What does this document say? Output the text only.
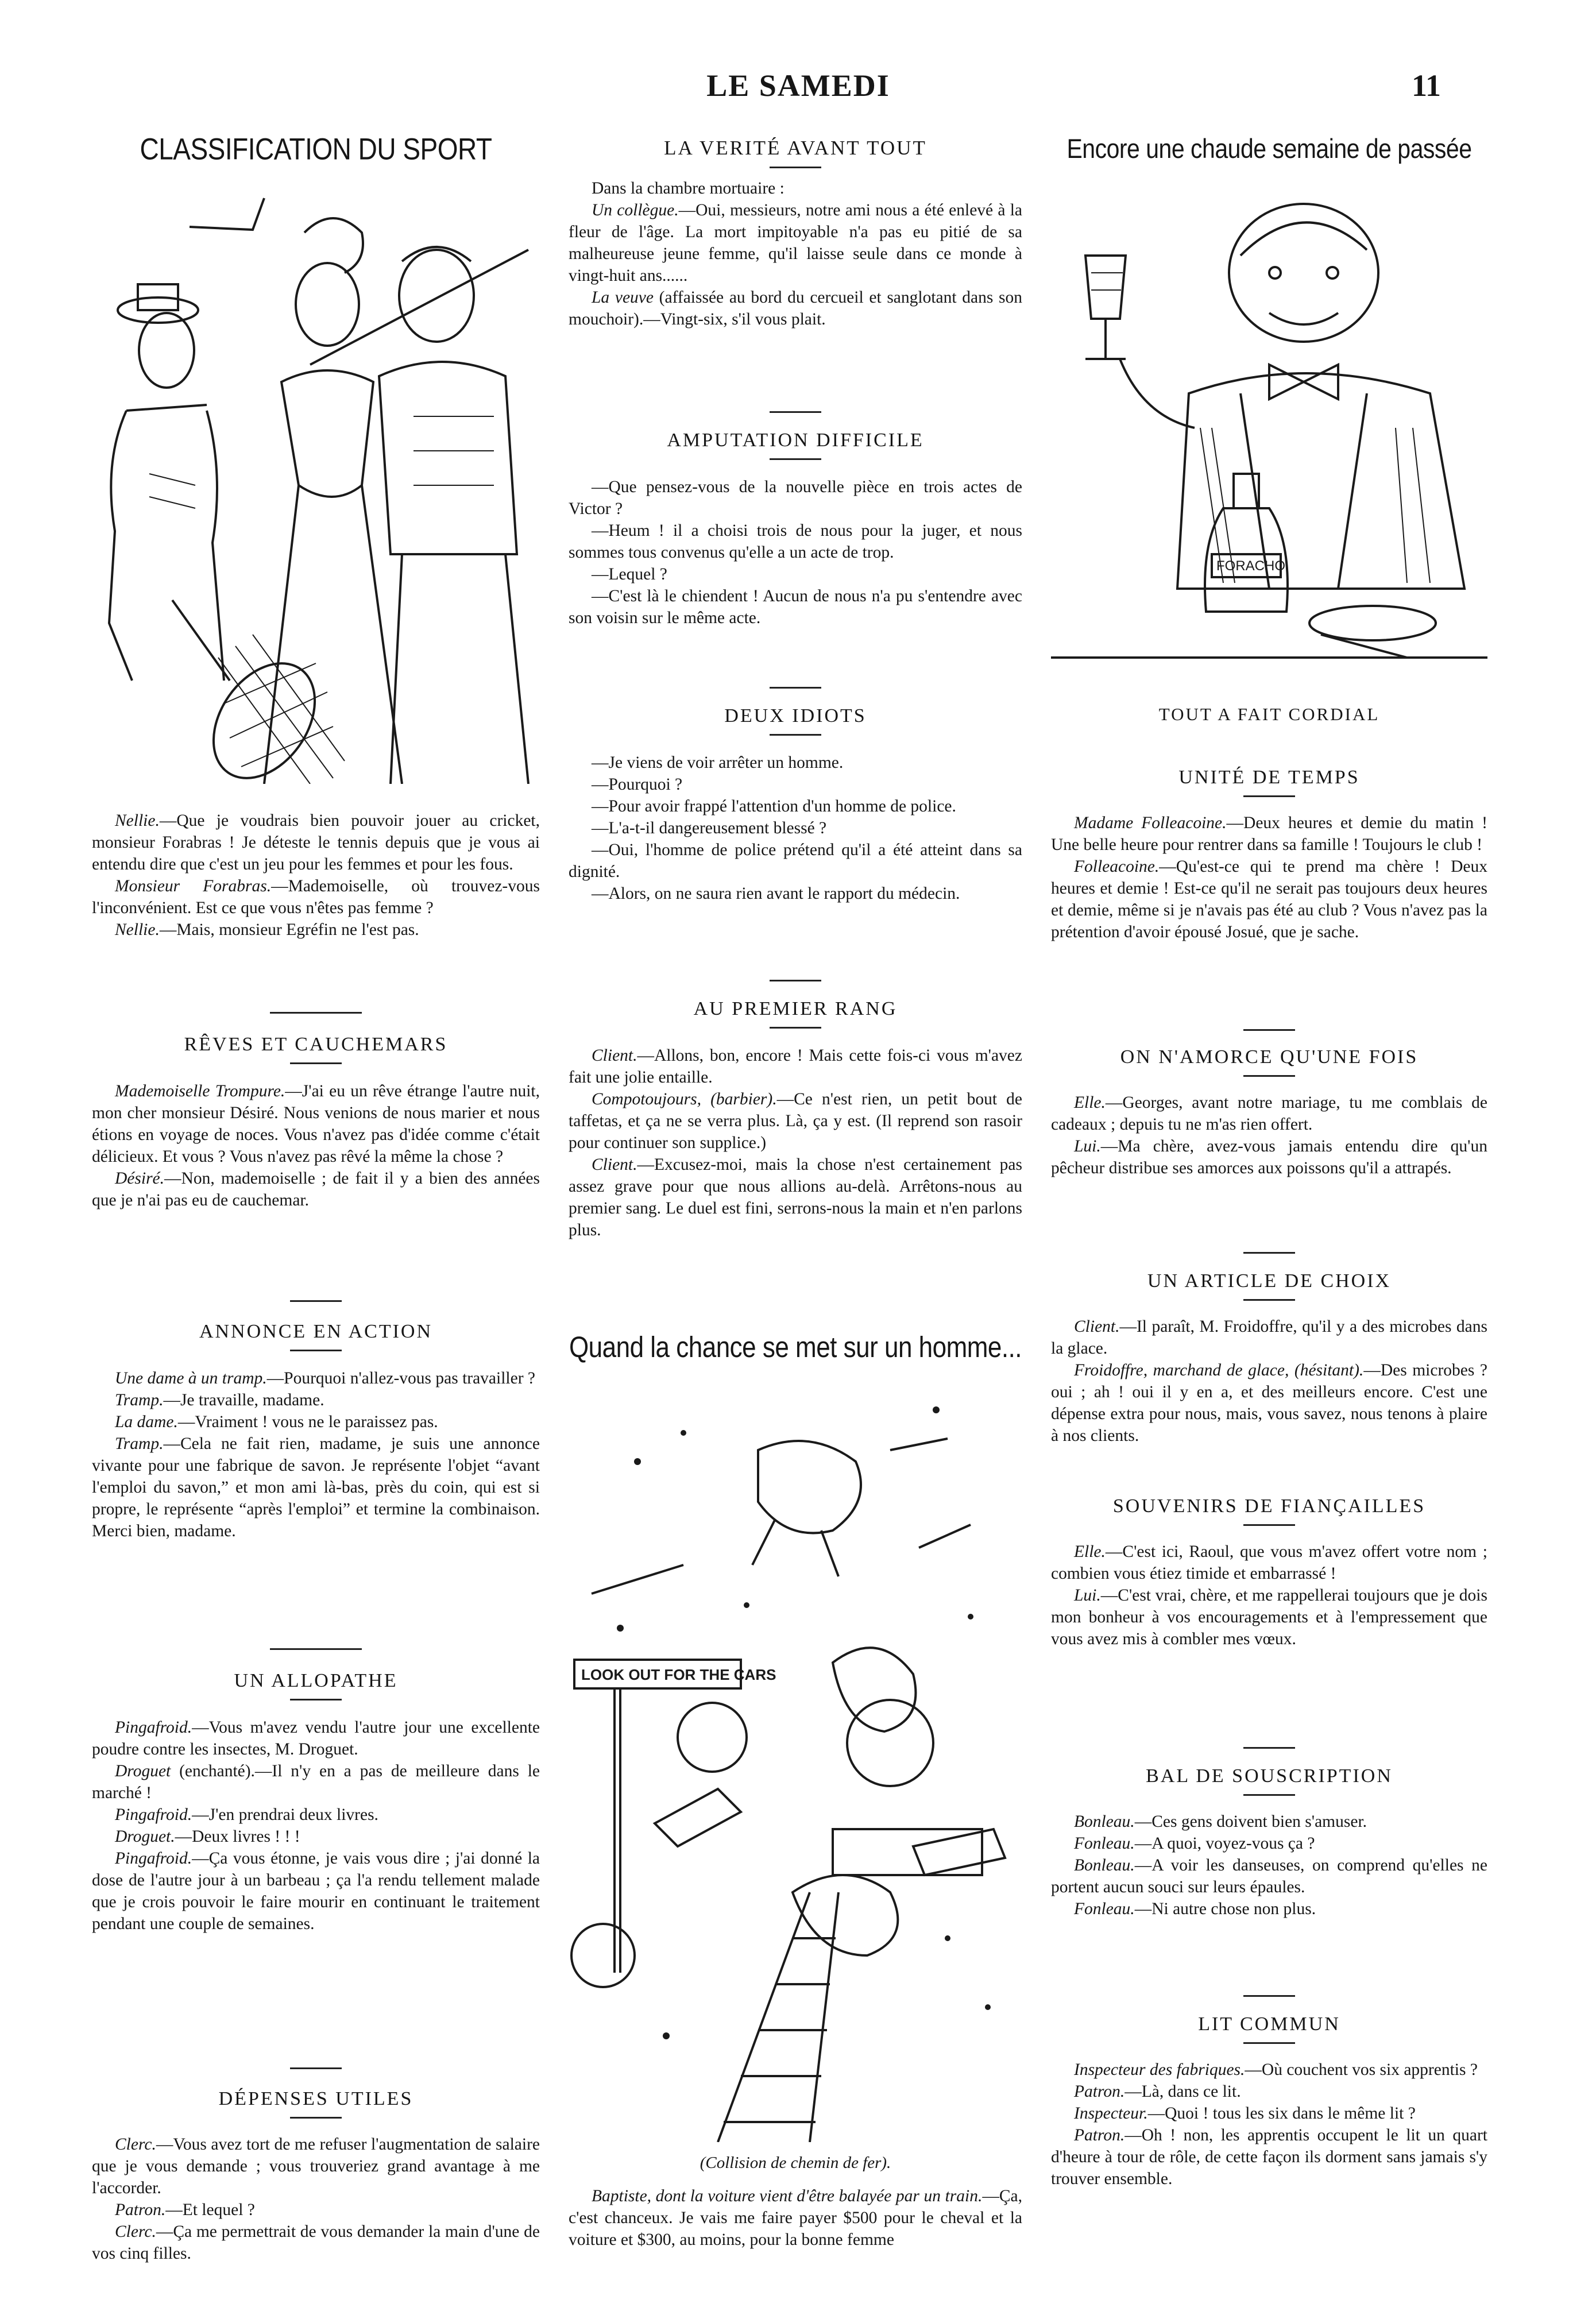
LE SAMEDI	11
CLASSIFICATION DU SPORT

Nellie.—Que je voudrais bien pouvoir jouer au cricket, monsieur Forabras ! Je déteste le tennis depuis que je vous ai entendu dire que c'est un jeu pour les femmes et pour les fous.

Monsieur Forabras.—Mademoiselle, où trouvez-vous l'inconvénient. Est ce que vous n'êtes pas femme ?

Nellie.—Mais, monsieur Egréfin ne l'est pas.

RÊVES ET CAUCHEMARS

Mademoiselle Trompure.—J'ai eu un rêve étrange l'autre nuit, mon cher monsieur Désiré. Nous venions de nous marier et nous étions en voyage de noces. Vous n'avez pas d'idée comme c'était délicieux. Et vous ? Vous n'avez pas rêvé la même la chose ?

Désiré.—Non, mademoiselle ; de fait il y a bien des années que je n'ai pas eu de cauchemar.

ANNONCE EN ACTION

Une dame à un tramp.—Pourquoi n'allez-vous pas travailler ?

Tramp.—Je travaille, madame.

La dame.—Vraiment ! vous ne le paraissez pas.

Tramp.—Cela ne fait rien, madame, je suis une annonce vivante pour une fabrique de savon. Je représente l'objet “avant l'emploi du savon,” et mon ami là-bas, près du coin, qui est si propre, le représente “après l'emploi” et termine la combinaison. Merci bien, madame.

UN ALLOPATHE

Pingafroid.—Vous m'avez vendu l'autre jour une excellente poudre contre les insectes, M. Droguet.

Droguet (enchanté).—Il n'y en a pas de meilleure dans le marché !

Pingafroid.—J'en prendrai deux livres.

Droguet.—Deux livres ! ! !

Pingafroid.—Ça vous étonne, je vais vous dire ; j'ai donné la dose de l'autre jour à un barbeau ; ça l'a rendu tellement malade que je crois pouvoir le faire mourir en continuant le traitement pendant une couple de semaines.

DÉPENSES UTILES

Clerc.—Vous avez tort de me refuser l'augmentation de salaire que je vous demande ; vous trouveriez grand avantage à me l'accorder.

Patron.—Et lequel ?

Clerc.—Ça me permettrait de vous demander la main d'une de vos cinq filles.

LA VERITÉ AVANT TOUT

Dans la chambre mortuaire :

Un collègue.—Oui, messieurs, notre ami nous a été enlevé à la fleur de l'âge. La mort impitoyable n'a pas eu pitié de sa malheureuse jeune femme, qu'il laisse seule dans ce monde à vingt-huit ans......

La veuve (affaissée au bord du cercueil et sanglotant dans son mouchoir).—Vingt-six, s'il vous plait.

AMPUTATION DIFFICILE

—Que pensez-vous de la nouvelle pièce en trois actes de Victor ?

—Heum ! il a choisi trois de nous pour la juger, et nous sommes tous convenus qu'elle a un acte de trop.

—Lequel ?

—C'est là le chiendent ! Aucun de nous n'a pu s'entendre avec son voisin sur le même acte.

DEUX IDIOTS

—Je viens de voir arrêter un homme.

—Pourquoi ?

—Pour avoir frappé l'attention d'un homme de police.

—L'a-t-il dangereusement blessé ?

—Oui, l'homme de police prétend qu'il a été atteint dans sa dignité.

—Alors, on ne saura rien avant le rapport du médecin.

AU PREMIER RANG

Client.—Allons, bon, encore ! Mais cette fois-ci vous m'avez fait une jolie entaille.

Compotoujours, (barbier).—Ce n'est rien, un petit bout de taffetas, et ça ne se verra plus. Là, ça y est. (Il reprend son rasoir pour continuer son supplice.)

Client.—Excusez-moi, mais la chose n'est certainement pas assez grave pour que nous allions au-delà. Arrêtons-nous au premier sang. Le duel est fini, serrons-nous la main et n'en parlons plus.

Quand la chance se met sur un homme...
LOOK OUT FOR THE CARS
(Collision de chemin de fer).

Baptiste, dont la voiture vient d'être balayée par un train.—Ça, c'est chanceux. Je vais me faire payer $500 pour le cheval et la voiture et $300, au moins, pour la bonne femme

Encore une chaude semaine de passée
FORACHO
TOUT A FAIT CORDIAL
UNITÉ DE TEMPS

Madame Folleacoine.—Deux heures et demie du matin ! Une belle heure pour rentrer dans sa famille ! Toujours le club !

Folleacoine.—Qu'est-ce qui te prend ma chère ! Deux heures et demie ! Est-ce qu'il ne serait pas toujours deux heures et demie, même si je n'avais pas été au club ? Vous n'avez pas la prétention d'avoir épousé Josué, que je sache.

ON N'AMORCE QU'UNE FOIS

Elle.—Georges, avant notre mariage, tu me comblais de cadeaux ; depuis tu ne m'as rien offert.

Lui.—Ma chère, avez-vous jamais entendu dire qu'un pêcheur distribue ses amorces aux poissons qu'il a attrapés.

UN ARTICLE DE CHOIX

Client.—Il paraît, M. Froidoffre, qu'il y a des microbes dans la glace.

Froidoffre, marchand de glace, (hésitant).—Des microbes ? oui ; ah ! oui il y en a, et des meilleurs encore. C'est une dépense extra pour nous, mais, vous savez, nous tenons à plaire à nos clients.

SOUVENIRS DE FIANÇAILLES

Elle.—C'est ici, Raoul, que vous m'avez offert votre nom ; combien vous étiez timide et embarrassé !

Lui.—C'est vrai, chère, et me rappellerai toujours que je dois mon bonheur à vos encouragements et à l'empressement que vous avez mis à combler mes vœux.

BAL DE SOUSCRIPTION

Bonleau.—Ces gens doivent bien s'amuser.

Fonleau.—A quoi, voyez-vous ça ?

Bonleau.—A voir les danseuses, on comprend qu'elles ne portent aucun souci sur leurs épaules.

Fonleau.—Ni autre chose non plus.

LIT COMMUN

Inspecteur des fabriques.—Où couchent vos six apprentis ?

Patron.—Là, dans ce lit.

Inspecteur.—Quoi ! tous les six dans le même lit ?

Patron.—Oh ! non, les apprentis occupent le lit un quart d'heure à tour de rôle, de cette façon ils dorment sans jamais s'y trouver ensemble.
